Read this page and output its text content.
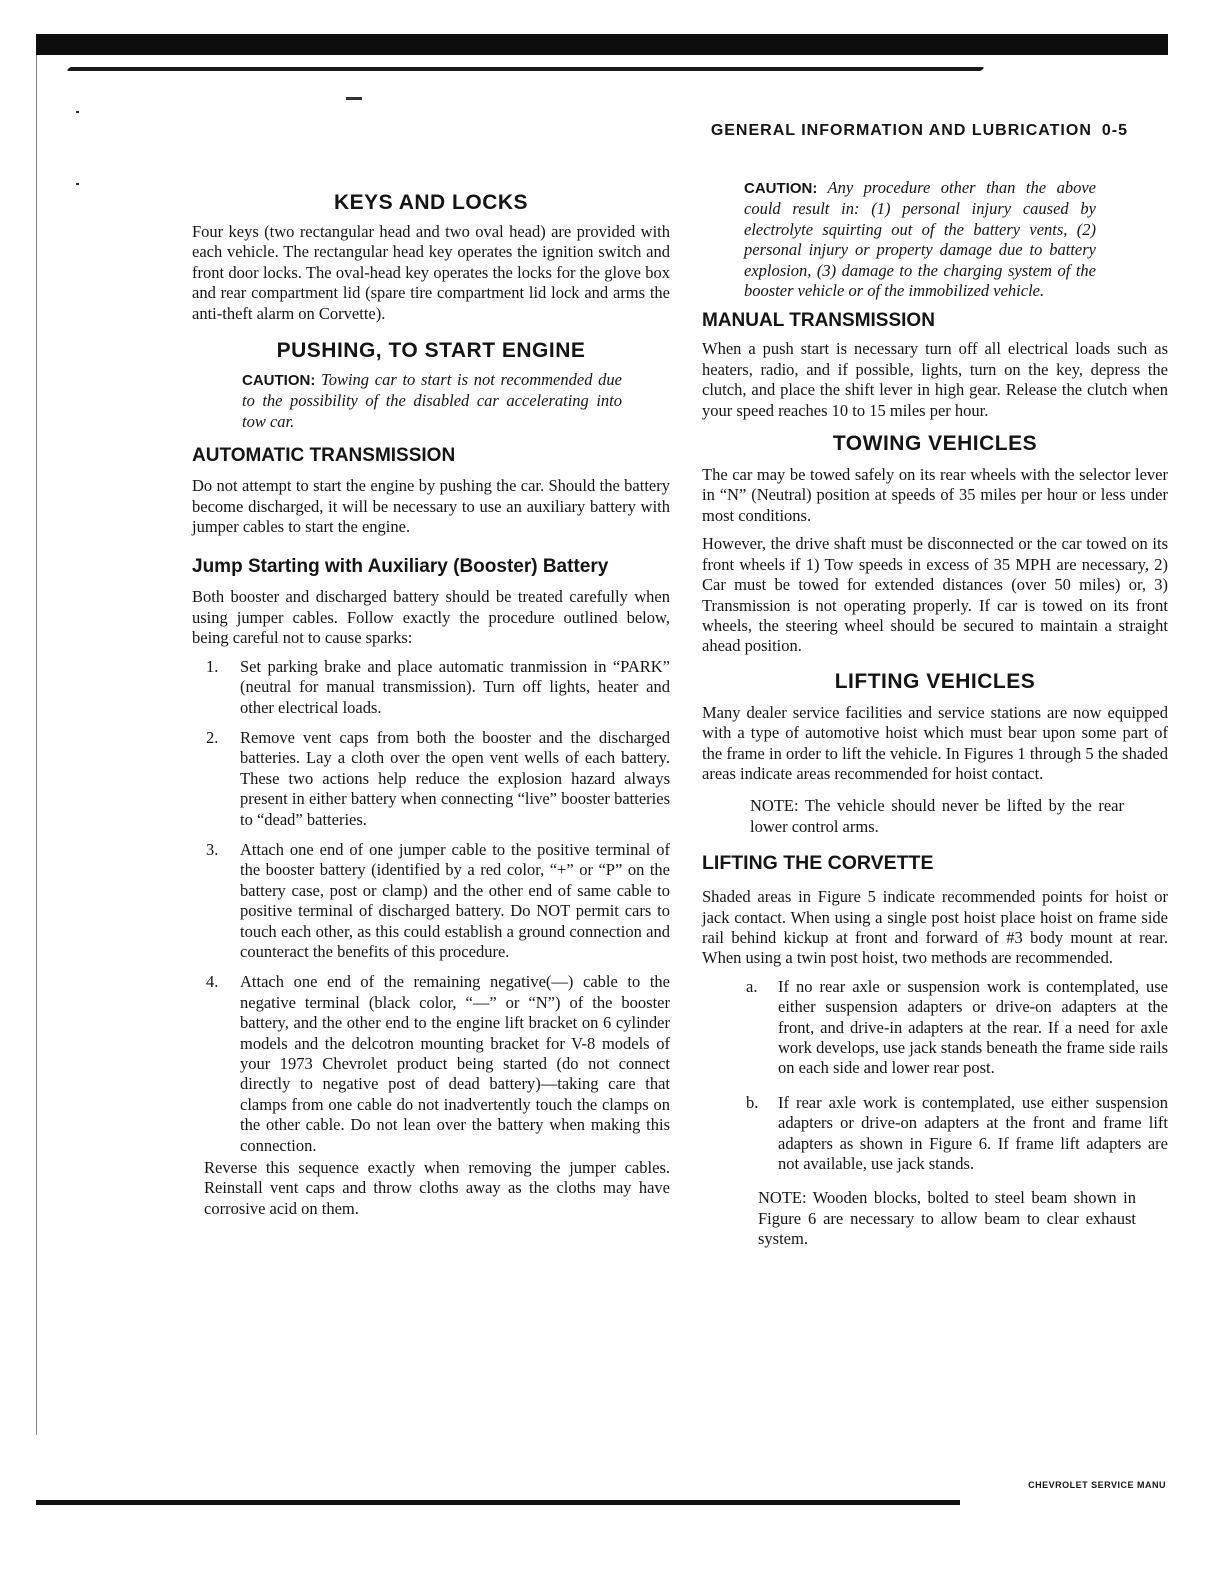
GENERAL INFORMATION AND LUBRICATION 0-5
KEYS AND LOCKS

Four keys (two rectangular head and two oval head) are provided with each vehicle. The rectangular head key operates the ignition switch and front door locks. The oval-head key operates the locks for the glove box and rear compartment lid (spare tire compartment lid lock and arms the anti-theft alarm on Corvette).

PUSHING, TO START ENGINE
CAUTION: Towing car to start is not recommended due to the possibility of the disabled car accelerating into tow car.
AUTOMATIC TRANSMISSION

Do not attempt to start the engine by pushing the car. Should the battery become discharged, it will be necessary to use an auxiliary battery with jumper cables to start the engine.

Jump Starting with Auxiliary (Booster) Battery

Both booster and discharged battery should be treated carefully when using jumper cables. Follow exactly the procedure outlined below, being careful not to cause sparks:

1. Set parking brake and place automatic tranmission in “PARK” (neutral for manual transmission). Turn off lights, heater and other electrical loads.
2. Remove vent caps from both the booster and the discharged batteries. Lay a cloth over the open vent wells of each battery. These two actions help reduce the explosion hazard always present in either battery when connecting “live” booster batteries to “dead” batteries.
3. Attach one end of one jumper cable to the positive terminal of the booster battery (identified by a red color, “+” or “P” on the battery case, post or clamp) and the other end of same cable to positive terminal of discharged battery. Do NOT permit cars to touch each other, as this could establish a ground connection and counteract the benefits of this procedure.
4. Attach one end of the remaining negative(—) cable to the negative terminal (black color, “—” or “N”) of the booster battery, and the other end to the engine lift bracket on 6 cylinder models and the delcotron mounting bracket for V-8 models of your 1973 Chevrolet product being started (do not connect directly to negative post of dead battery)—taking care that clamps from one cable do not inadvertently touch the clamps on the other cable. Do not lean over the battery when making this connection.

Reverse this sequence exactly when removing the jumper cables. Reinstall vent caps and throw cloths away as the cloths may have corrosive acid on them.

CAUTION: Any procedure other than the above could result in: (1) personal injury caused by electrolyte squirting out of the battery vents, (2) personal injury or property damage due to battery explosion, (3) damage to the charging system of the booster vehicle or of the immobilized vehicle.
MANUAL TRANSMISSION

When a push start is necessary turn off all electrical loads such as heaters, radio, and if possible, lights, turn on the key, depress the clutch, and place the shift lever in high gear. Release the clutch when your speed reaches 10 to 15 miles per hour.

TOWING VEHICLES

The car may be towed safely on its rear wheels with the selector lever in “N” (Neutral) position at speeds of 35 miles per hour or less under most conditions.

However, the drive shaft must be disconnected or the car towed on its front wheels if 1) Tow speeds in excess of 35 MPH are necessary, 2) Car must be towed for extended distances (over 50 miles) or, 3) Transmission is not operating properly. If car is towed on its front wheels, the steering wheel should be secured to maintain a straight ahead position.

LIFTING VEHICLES

Many dealer service facilities and service stations are now equipped with a type of automotive hoist which must bear upon some part of the frame in order to lift the vehicle. In Figures 1 through 5 the shaded areas indicate areas recommended for hoist contact.

NOTE: The vehicle should never be lifted by the rear lower control arms.

LIFTING THE CORVETTE

Shaded areas in Figure 5 indicate recommended points for hoist or jack contact. When using a single post hoist place hoist on frame side rail behind kickup at front and forward of #3 body mount at rear. When using a twin post hoist, two methods are recommended.

a. If no rear axle or suspension work is contemplated, use either suspension adapters or drive-on adapters at the front, and drive-in adapters at the rear. If a need for axle work develops, use jack stands beneath the frame side rails on each side and lower rear post.
b. If rear axle work is contemplated, use either suspension adapters or drive-on adapters at the front and frame lift adapters as shown in Figure 6. If frame lift adapters are not available, use jack stands.

NOTE: Wooden blocks, bolted to steel beam shown in Figure 6 are necessary to allow beam to clear exhaust system.

CHEVROLET SERVICE MANU
